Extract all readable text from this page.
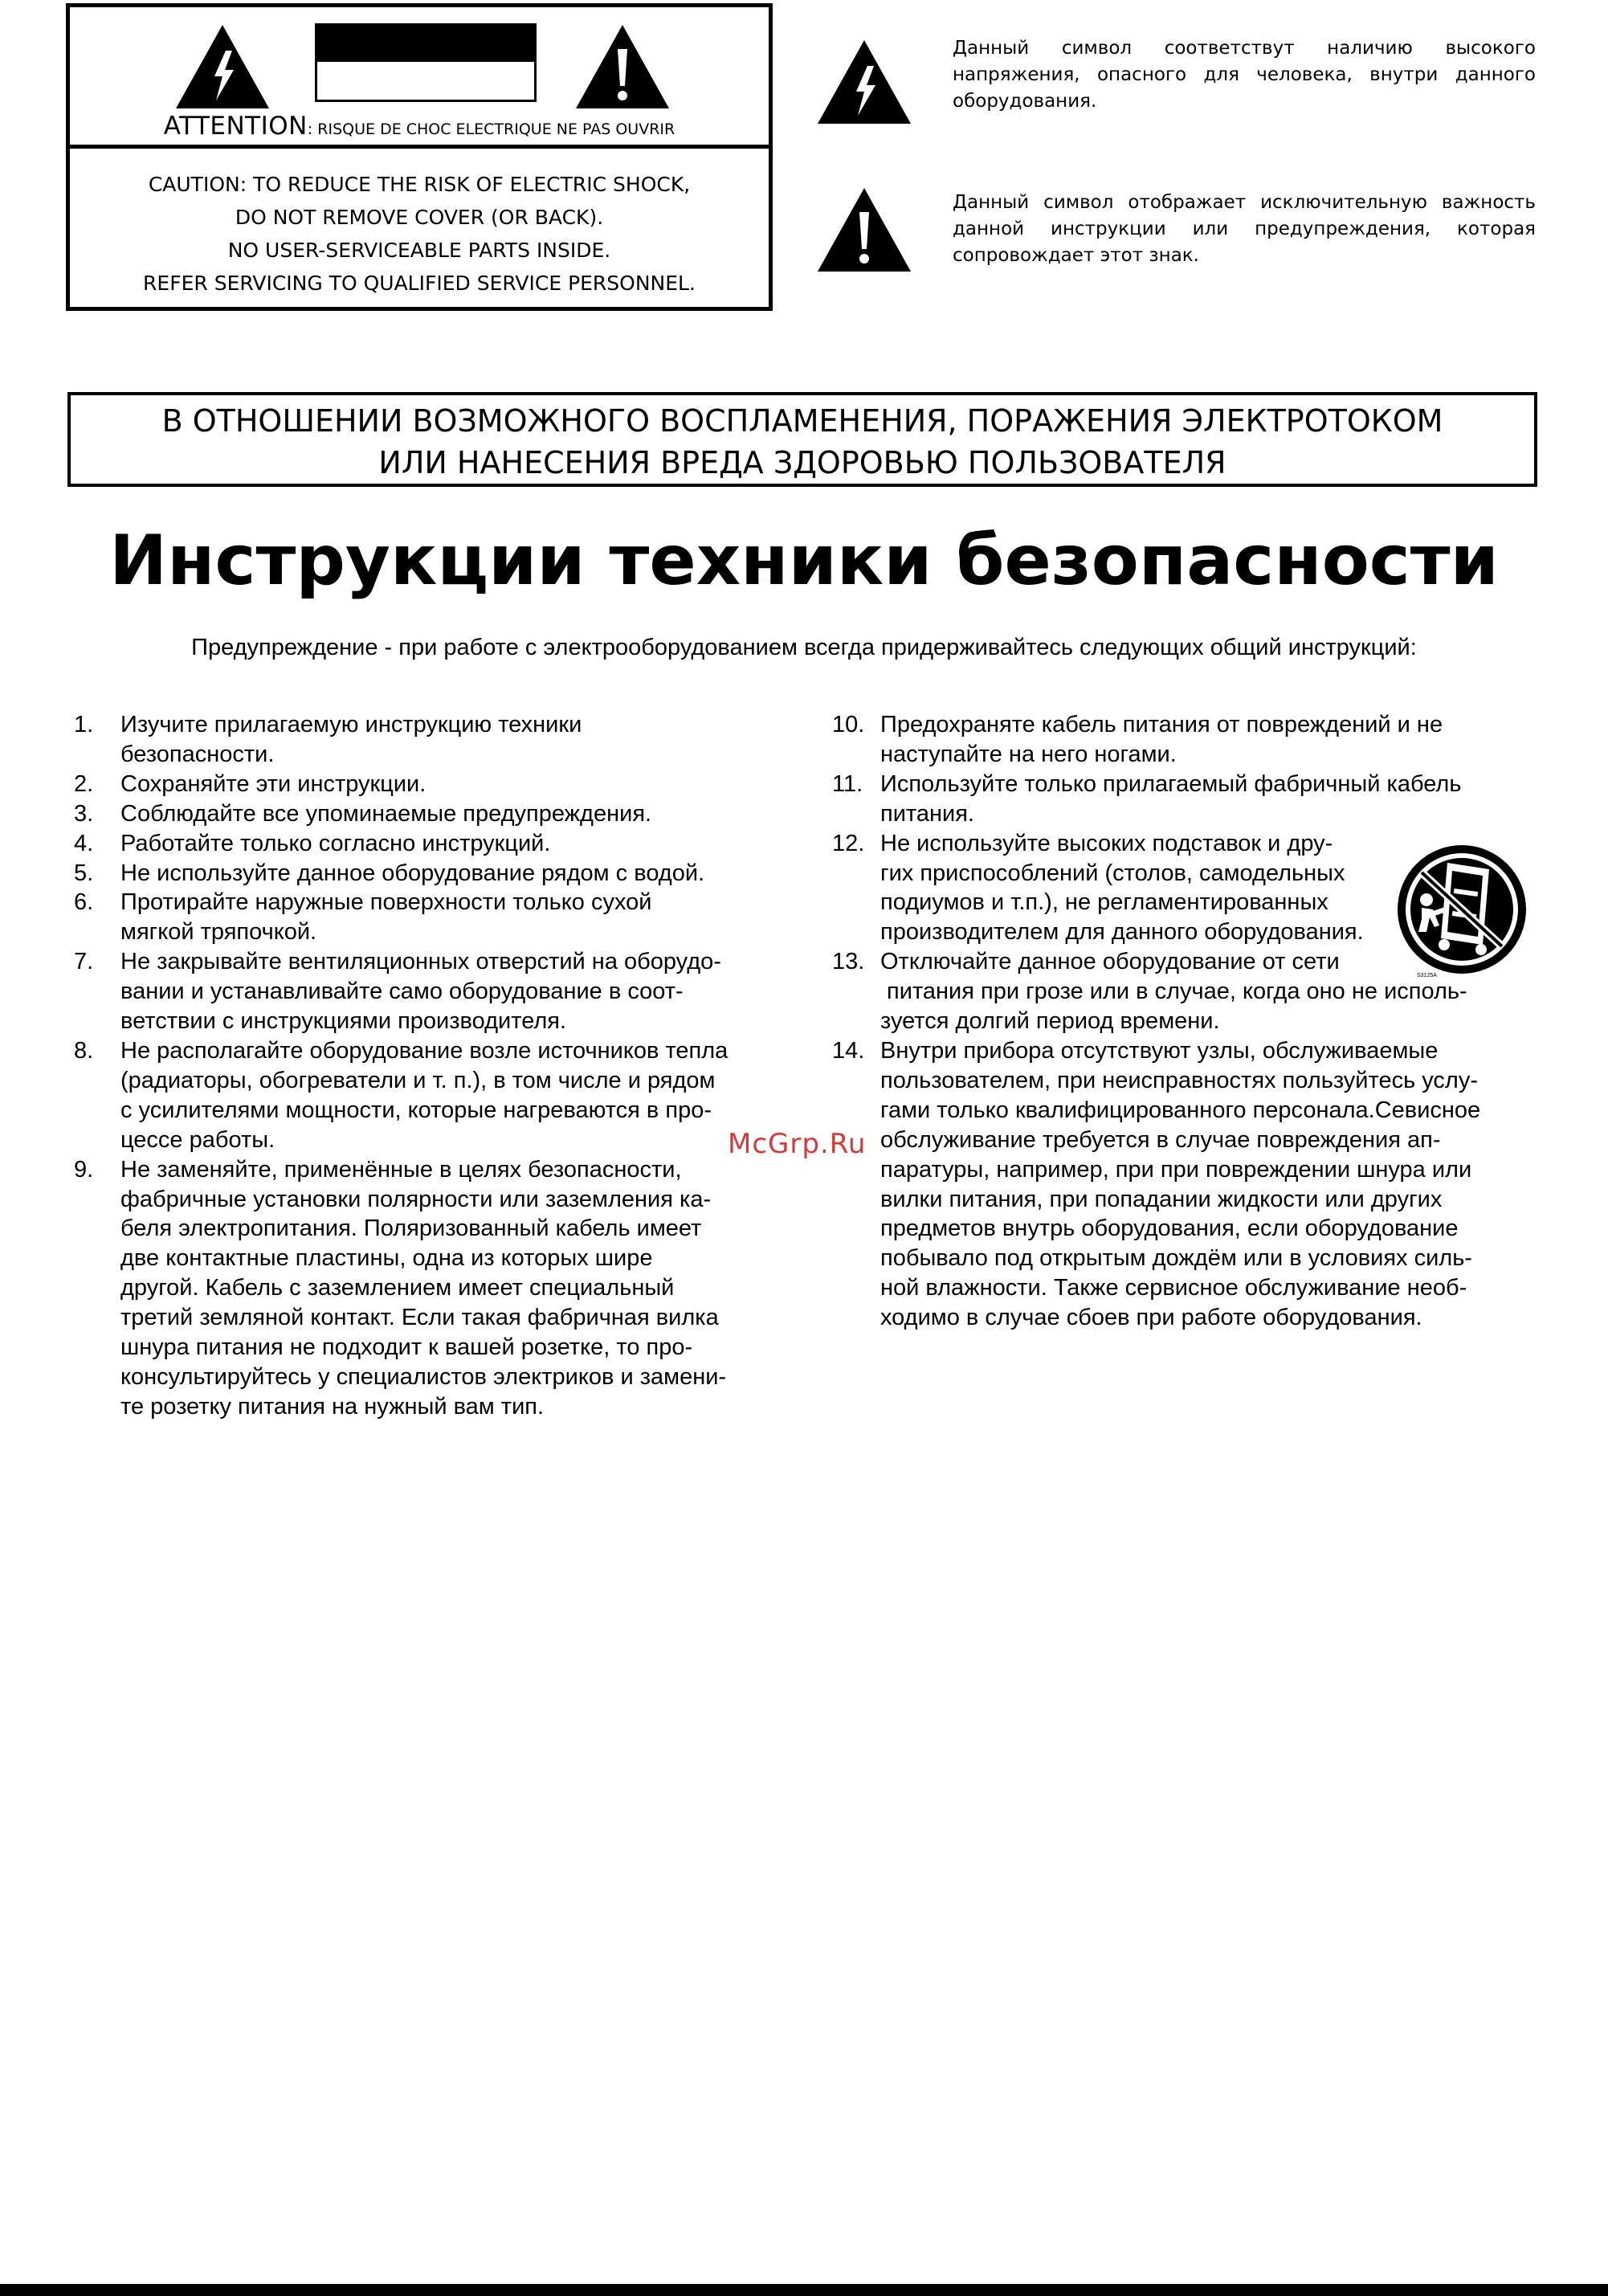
ATTENTION: RISQUE DE CHOC ELECTRIQUE NE PAS OUVRIR
CAUTION: TO REDUCE THE RISK OF ELECTRIC SHOCK,
DO NOT REMOVE COVER (OR BACK).
NO USER-SERVICEABLE PARTS INSIDE.
REFER SERVICING TO QUALIFIED SERVICE PERSONNEL.
Данный символ соответствут наличию высокого напряжения, опасного для человека, внутри данного оборудования.
Данный символ отображает исключительную важность данной инструкции или предупреждения, которая сопровождает этот знак.
В ОТНОШЕНИИ ВОЗМОЖНОГО ВОСПЛАМЕНЕНИЯ, ПОРАЖЕНИЯ ЭЛЕКТРОТОКОМ
ИЛИ НАНЕСЕНИЯ ВРЕДА ЗДОРОВЬЮ ПОЛЬЗОВАТЕЛЯ
Инструкции техники безопасности
Предупреждение - при работе с электрооборудованием всегда придерживайтесь следующих общий инструкций:
1. Изучите прилагаемую инструкцию техники
безопасности.
2. Сохраняйте эти инструкции.
3. Соблюдайте все упоминаемые предупреждения.
4. Работайте только согласно инструкций.
5. Не используйте данное оборудование рядом с водой.
6. Протирайте наружные поверхности только сухой
мягкой тряпочкой.
7. Не закрывайте вентиляционных отверстий на оборудо-
вании и устанавливайте само оборудование в соот-
ветствии с инструкциями производителя.
8. Не располагайте оборудование возле источников тепла
(радиаторы, обогреватели и т. п.), в том числе и рядом
с усилителями мощности, которые нагреваются в про-
цессе работы.
9. Не заменяйте, применённые в целях безопасности,
фабричные установки полярности или заземления ка-
беля электропитания. Поляризованный кабель имеет
две контактные пластины, одна из которых шире
другой. Кабель с заземлением имеет специальный
третий земляной контакт. Если такая фабричная вилка
шнура питания не подходит к вашей розетке, то про-
консультируйтесь у специалистов электриков и замени-
те розетку питания на нужный вам тип.
10. Предохраняте кабель питания от повреждений и не
наступайте на него ногами.
11. Используйте только прилагаемый фабричный кабель
питания.
12. Не используйте высоких подставок и дру-
гих приспособлений (столов, самодельных
подиумов и т.п.), не регламентированных
производителем для данного оборудования.
13. Отключайте данное оборудование от сети
питания при грозе или в случае, когда оно не исполь-
зуется долгий период времени.
14. Внутри прибора отсутствуют узлы, обслуживаемые
пользователем, при неисправностях пользуйтесь услу-
гами только квалифицированного персонала.Севисное
обслуживание требуется в случае повреждения ап-
паратуры, например, при при повреждении шнура или
вилки питания, при попадании жидкости или других
предметов внутрь оборудования, если оборудование
побывало под открытым дождём или в условиях силь-
ной влажности. Также сервисное обслуживание необ-
ходимо в случае сбоев при работе оборудования.
S3125A
McGrp.Ru
